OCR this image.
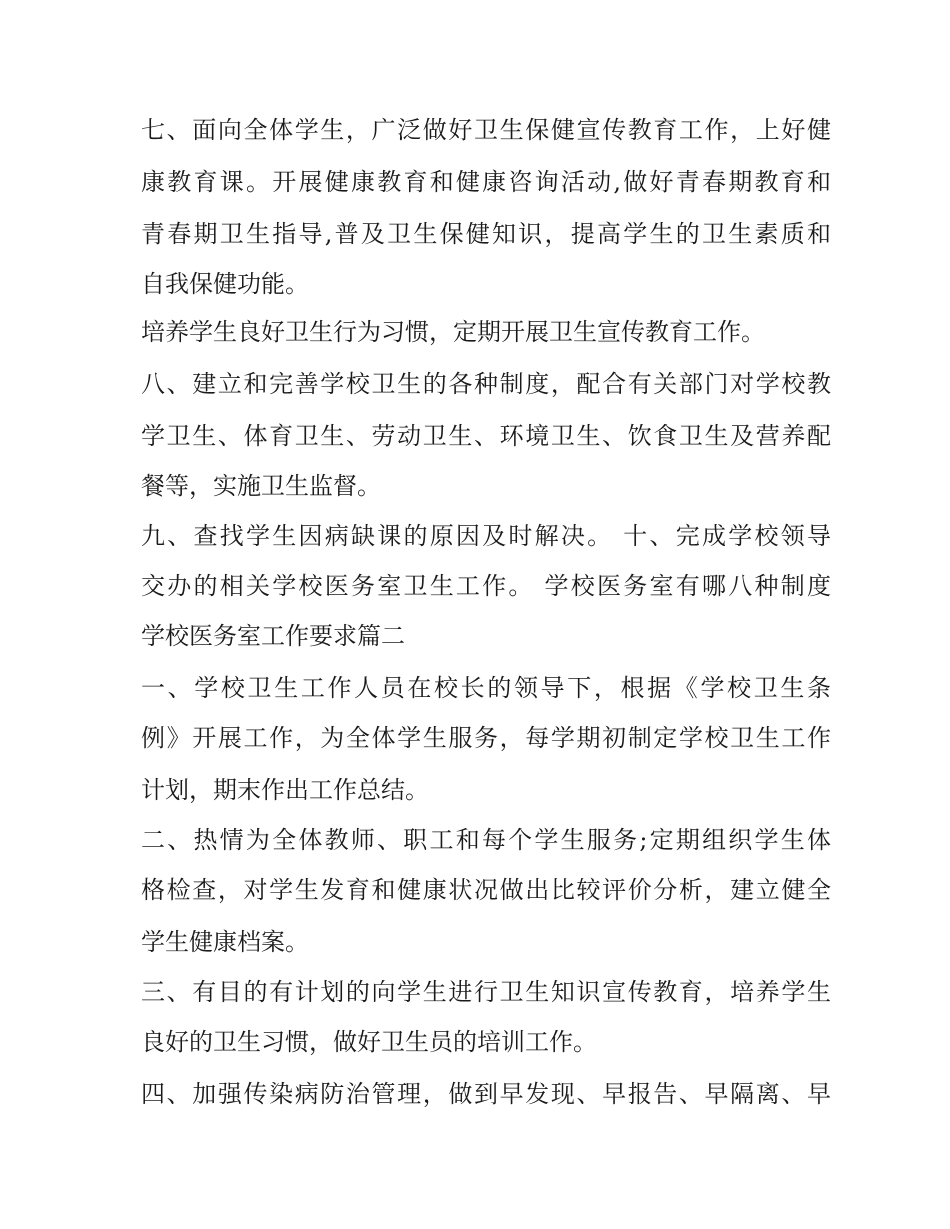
七、面向全体学生，广泛做好卫生保健宣传教育工作，上好健
康教育课。开展健康教育和健康咨询活动,做好青春期教育和
青春期卫生指导,普及卫生保健知识，提高学生的卫生素质和
自我保健功能。
培养学生良好卫生行为习惯，定期开展卫生宣传教育工作。
八、建立和完善学校卫生的各种制度，配合有关部门对学校教
学卫生、体育卫生、劳动卫生、环境卫生、饮食卫生及营养配
餐等，实施卫生监督。
九、查找学生因病缺课的原因及时解决。 十、完成学校领导
交办的相关学校医务室卫生工作。 学校医务室有哪八种制度
学校医务室工作要求篇二
一、学校卫生工作人员在校长的领导下，根据《学校卫生条
例》开展工作，为全体学生服务，每学期初制定学校卫生工作
计划，期末作出工作总结。
二、热情为全体教师、职工和每个学生服务;定期组织学生体
格检查，对学生发育和健康状况做出比较评价分析，建立健全
学生健康档案。
三、有目的有计划的向学生进行卫生知识宣传教育，培养学生
良好的卫生习惯，做好卫生员的培训工作。
四、加强传染病防治管理，做到早发现、早报告、早隔离、早
